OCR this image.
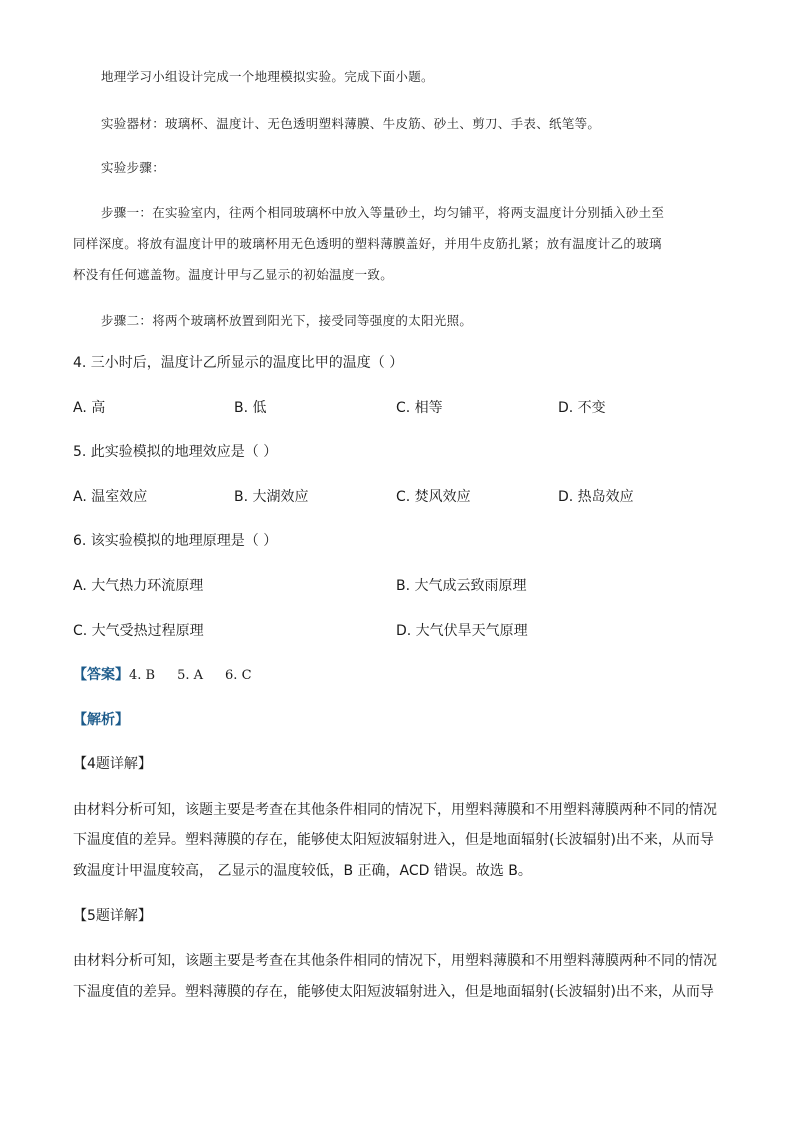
地理学习小组设计完成一个地理模拟实验。完成下面小题。
实验器材：玻璃杯、温度计、无色透明塑料薄膜、牛皮筋、砂土、剪刀、手表、纸笔等。
实验步骤：
步骤一：在实验室内，往两个相同玻璃杯中放入等量砂土，均匀铺平，将两支温度计分别插入砂土至
同样深度。将放有温度计甲的玻璃杯用无色透明的塑料薄膜盖好，并用牛皮筋扎紧；放有温度计乙的玻璃
杯没有任何遮盖物。温度计甲与乙显示的初始温度一致。
步骤二：将两个玻璃杯放置到阳光下，接受同等强度的太阳光照。
4. 三小时后，温度计乙所显示的温度比甲的温度（ ）
A. 高	B. 低	C. 相等	D. 不变
5. 此实验模拟的地理效应是（ ）
A. 温室效应	B. 大湖效应	C. 焚风效应	D. 热岛效应
6. 该实验模拟的地理原理是（ ）
A. 大气热力环流原理	B. 大气成云致雨原理
C. 大气受热过程原理	D. 大气伏旱天气原理
【答案】4. B 5. A 6. C
【解析】
【4题详解】
由材料分析可知，该题主要是考查在其他条件相同的情况下，用塑料薄膜和不用塑料薄膜两种不同的情况
下温度值的差异。塑料薄膜的存在，能够使太阳短波辐射进入，但是地面辐射(长波辐射)出不来，从而导
致温度计甲温度较高， 乙显示的温度较低，B 正确，ACD 错误。故选 B。
【5题详解】
由材料分析可知，该题主要是考查在其他条件相同的情况下，用塑料薄膜和不用塑料薄膜两种不同的情况
下温度值的差异。塑料薄膜的存在，能够使太阳短波辐射进入，但是地面辐射(长波辐射)出不来，从而导
